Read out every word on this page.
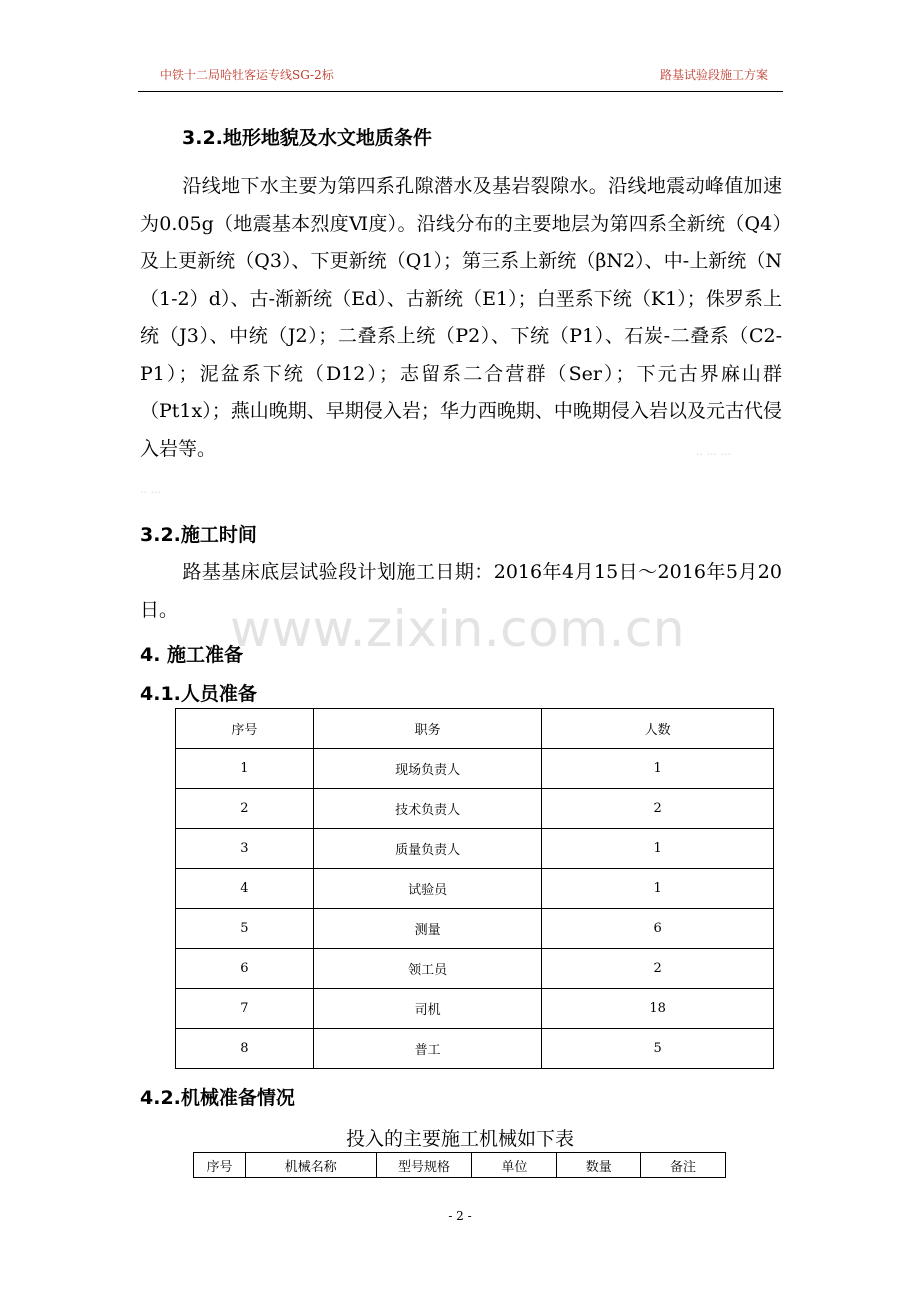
中铁十二局哈牡客运专线SG-2标	路基试验段施工方案
3.2.地形地貌及水文地质条件

沿线地下水主要为第四系孔隙潜水及基岩裂隙水。沿线地震动峰值加速为0.05g（地震基本烈度Ⅵ度）。沿线分布的主要地层为第四系全新统（Q4）及上更新统（Q3）、下更新统（Q1）；第三系上新统（βN2）、中-上新统（N（1-2）d）、古-渐新统（Ed）、古新统（E1）；白垩系下统（K1）；侏罗系上统（J3）、中统（J2）；二叠系上统（P2）、下统（P1）、石炭-二叠系（C2-P1）；泥盆系下统（D12）；志留系二合营群（Ser）；下元古界麻山群（Pt1x）；燕山晚期、早期侵入岩；华力西晚期、中晚期侵入岩以及元古代侵入岩等。	·· ··· ···
·· ···
3.2.施工时间

路基基床底层试验段计划施工日期：2016年4月15日～2016年5月20日。	www.zixin.com.cn
4. 施工准备
4.1.人员准备
序号	职务	人数
1	现场负责人	1
2	技术负责人	2
3	质量负责人	1
4	试验员	1
5	测量	6
6	领工员	2
7	司机	18
8	普工	5
4.2.机械准备情况
投入的主要施工机械如下表
序号	机械名称	型号规格	单位	数量	备注
- 2 -
